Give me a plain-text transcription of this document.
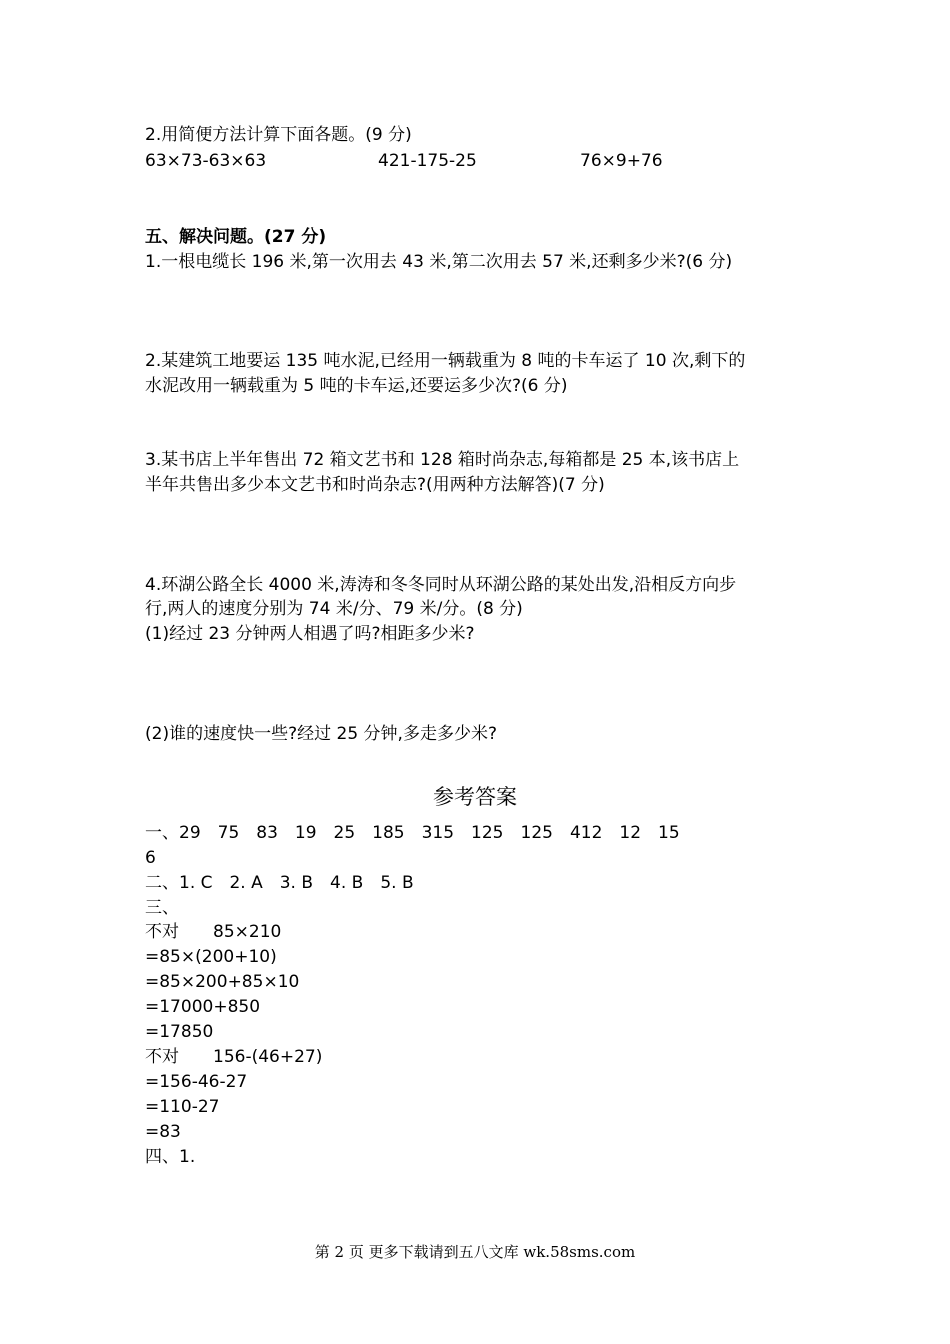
2.用简便方法计算下面各题。(9 分)
63×73-63×63	421-175-25	76×9+76
五、解决问题。(27 分)
1.一根电缆长 196 米,第一次用去 43 米,第二次用去 57 米,还剩多少米?(6 分)
2.某建筑工地要运 135 吨水泥,已经用一辆载重为 8 吨的卡车运了 10 次,剩下的
水泥改用一辆载重为 5 吨的卡车运,还要运多少次?(6 分)
3.某书店上半年售出 72 箱文艺书和 128 箱时尚杂志,每箱都是 25 本,该书店上
半年共售出多少本文艺书和时尚杂志?(用两种方法解答)(7 分)
4.环湖公路全长 4000 米,涛涛和冬冬同时从环湖公路的某处出发,沿相反方向步
行,两人的速度分别为 74 米/分、79 米/分。(8 分)
(1)经过 23 分钟两人相遇了吗?相距多少米?
(2)谁的速度快一些?经过 25 分钟,多走多少米?
参考答案
一、29　75　83　19　25　185　315　125　125　412　12　15
6
二、1. C　2. A　3. B　4. B　5. B
三、
不对　　85×210
=85×(200+10)
=85×200+85×10
=17000+850
=17850
不对　　156-(46+27)
=156-46-27
=110-27
=83
四、1.
第 2 页 更多下载请到五八文库 wk.58sms.com
